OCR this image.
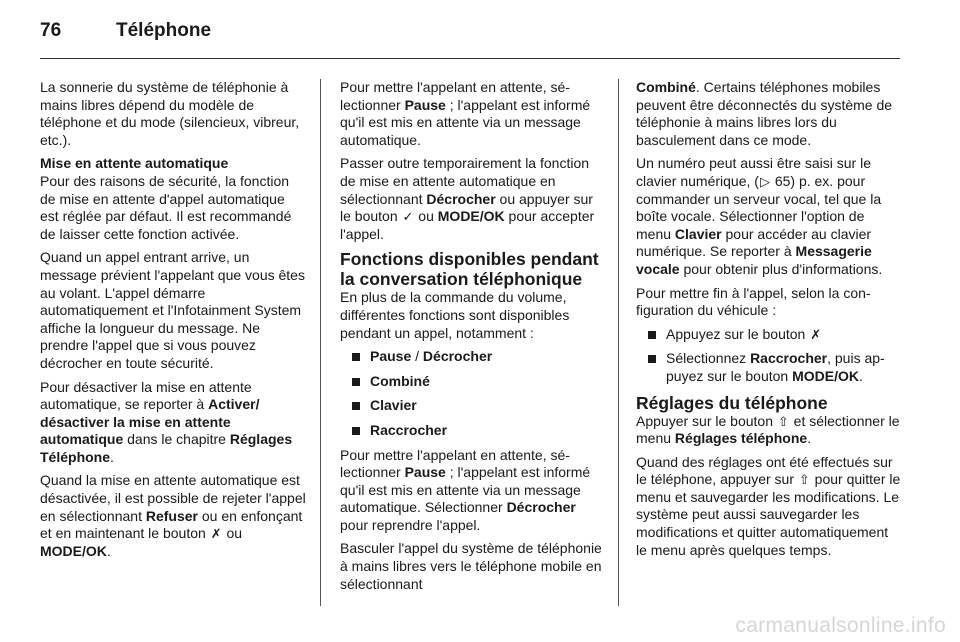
76	Téléphone

La sonnerie du système de téléphonie à mains libres dépend du modèle de téléphone et du mode (silencieux, vibreur, etc.).

Mise en attente automatique

Pour des raisons de sécurité, la fonction de mise en attente d'appel automatique est réglée par défaut. Il est recommandé de laisser cette fonction activée.

Quand un appel entrant arrive, un message prévient l'appelant que vous êtes au volant. L'appel démarre automatiquement et l'Infotainment System affiche la longueur du message. Ne prendre l'appel que si vous pouvez décrocher en toute sécurité.

Pour désactiver la mise en attente automatique, se reporter à Activer/ désactiver la mise en attente automatique dans le chapitre Réglages Téléphone.

Quand la mise en attente automatique est désactivée, il est possible de rejeter l'appel en sélectionnant Refuser ou en enfonçant et en maintenant le bouton ✗ ou MODE/OK.

Pour mettre l'appelant en attente, sélectionner Pause ; l'appelant est informé qu'il est mis en attente via un message automatique.

Passer outre temporairement la fonction de mise en attente automatique en sélectionnant Décrocher ou appuyer sur le bouton ✓ ou MODE/OK pour accepter l'appel.

Fonctions disponibles pendant la conversation téléphonique

En plus de la commande du volume, différentes fonctions sont disponibles pendant un appel, notamment :

Pause / Décrocher
Combiné
Clavier
Raccrocher

Pour mettre l'appelant en attente, sélectionner Pause ; l'appelant est informé qu'il est mis en attente via un message automatique. Sélectionner Décrocher pour reprendre l'appel.

Basculer l'appel du système de téléphonie à mains libres vers le téléphone mobile en sélectionnant

Combiné. Certains téléphones mobiles peuvent être déconnectés du système de téléphonie à mains libres lors du basculement dans ce mode.

Un numéro peut aussi être saisi sur le clavier numérique, (▷ 65) p. ex. pour commander un serveur vocal, tel que la boîte vocale. Sélectionner l'option de menu Clavier pour accéder au clavier numérique. Se reporter à Messagerie vocale pour obtenir plus d'informations.

Pour mettre fin à l'appel, selon la configuration du véhicule :

Appuyez sur le bouton ✗
Sélectionnez Raccrocher, puis appuyez sur le bouton MODE/OK.
Réglages du téléphone

Appuyer sur le bouton ⇧ et sélectionner le menu Réglages téléphone.

Quand des réglages ont été effectués sur le téléphone, appuyer sur ⇧ pour quitter le menu et sauvegarder les modifications. Le système peut aussi sauvegarder les modifications et quitter automatiquement le menu après quelques temps.

carmanualsonline.info
